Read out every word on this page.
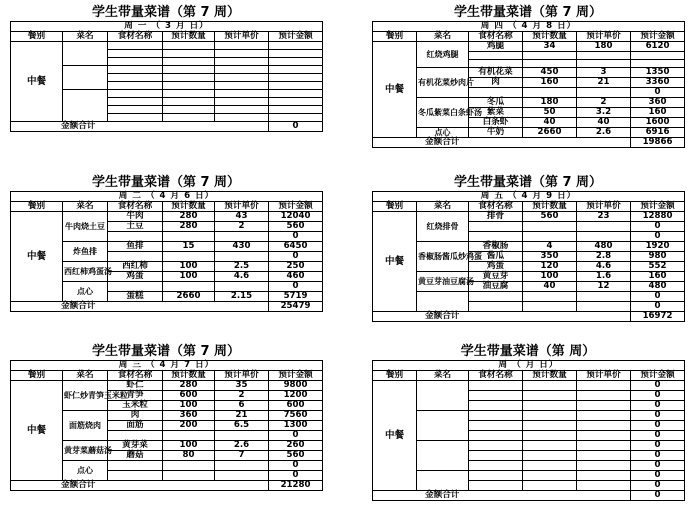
学生带量菜谱（第 7 周）
周 一 （ 3 月 日）					
餐别	菜名	食材名称	预计数量	预计单价	预计金额
中餐					

金额合计					0
学生带量菜谱（第 7 周）
周 四 （ 4 月 8 日）					
餐别	菜名	食材名称	预计数量	预计单价	预计金额
中餐	红烧鸡腿	鸡腿	34	180	6120

	有机花菜炒肉片	有机花菜	450	3	1350
		肉	160	21	3360
					0
	冬瓜紫菜白条虾汤	冬瓜	180	2	360
		紫菜	50	3.2	160
		白条虾	40	40	1600
	点心	牛奶	2660	2.6	6916
金额合计					19866
学生带量菜谱（第 7 周）
周 二 （ 4 月 6 日）					
餐别	菜名	食材名称	预计数量	预计单价	预计金额
中餐	牛肉烧土豆	牛肉	280	43	12040
		土豆	280	2	560
					0
	炸鱼排	鱼排	15	430	6450
					0
	西红柿鸡蛋汤	西红柿	100	2.5	250
		鸡蛋	100	4.6	460
	点心				0
		蛋糕	2660	2.15	5719
金额合计					25479
学生带量菜谱（第 7 周）
周 五 （ 4 月 9 日）					
餐别	菜名	食材名称	预计数量	预计单价	预计金额
中餐	红烧排骨	排骨	560	23	12880
					0
					0
	香椒肠酱瓜炒鸡蛋	香椒肠	4	480	1920
		酱瓜	350	2.8	980
		鸡蛋	120	4.6	552
	黄豆芽油豆腐汤	黄豆芽	100	1.6	160
		油豆腐	40	12	480
					0
					0
金额合计					16972
学生带量菜谱（第 7 周）
周 三 （ 4 月 7 日）					
餐别	菜名	食材名称	预计数量	预计单价	预计金额
中餐	虾仁炒青笋玉米粒	虾仁	280	35	9800
		青笋	600	2	1200
		玉米粒	100	6	600
	面筋烧肉	肉	360	21	7560
		面筋	200	6.5	1300
					0
	黄芽菜蘑菇汤	黄芽菜	100	2.6	260
		蘑菇	80	7	560
	点心				0
					0
金额合计					21280
学生带量菜谱（第 周）
周 （ 月 日）					
餐别	菜名	食材名称	预计数量	预计单价	预计金额
中餐					0
					0
					0
					0
					0
					0
					0
					0
					0
					0
					0
金额合计					0
